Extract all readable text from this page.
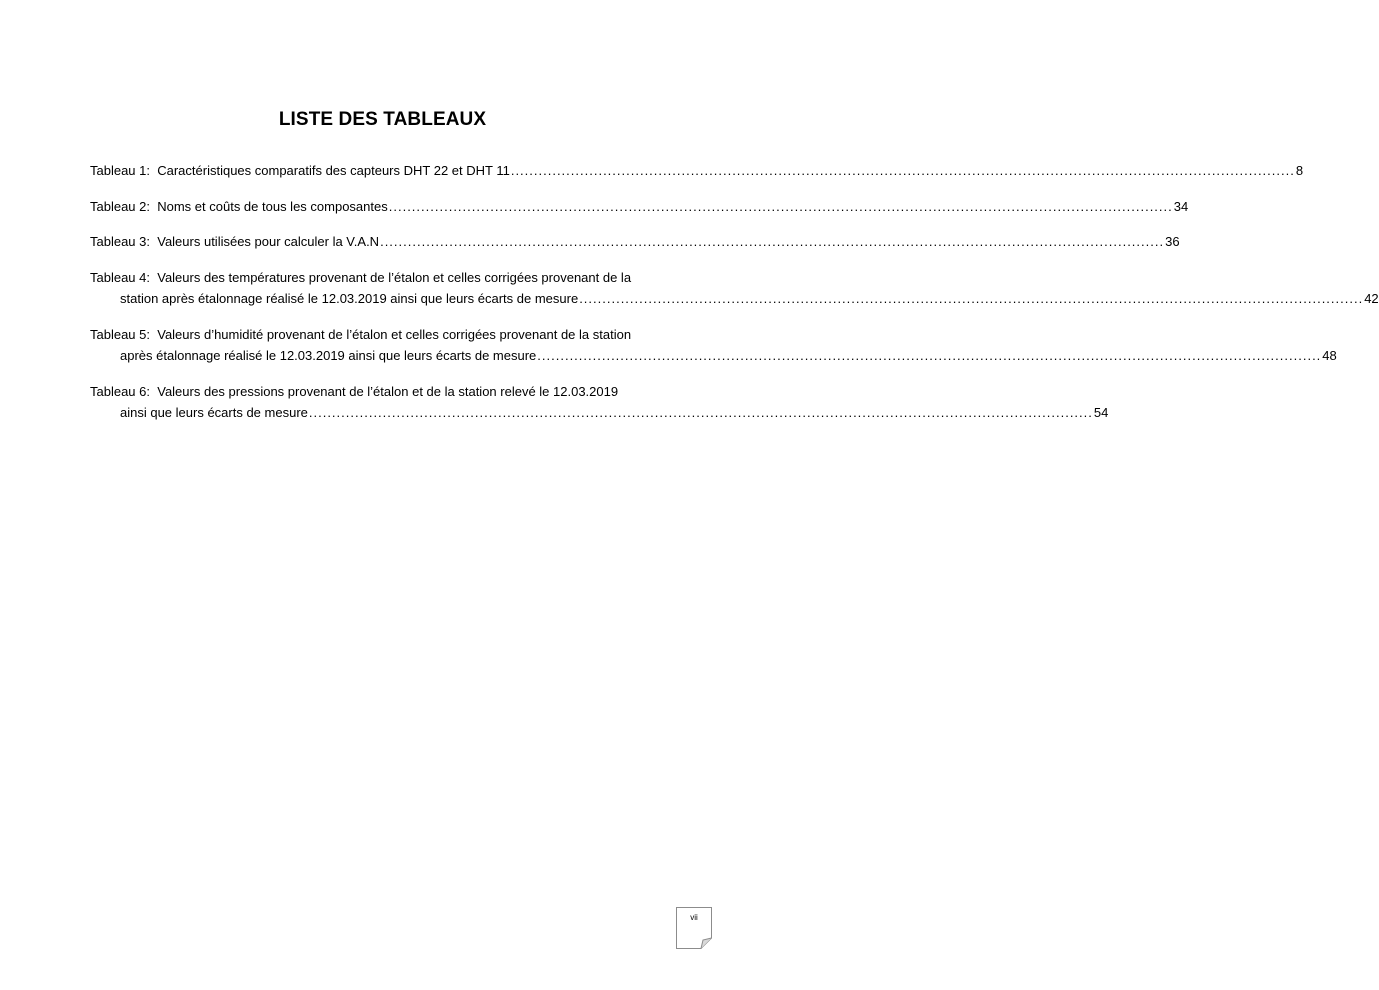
LISTE DES TABLEAUX
Tableau 1:
Caractéristiques comparatifs des capteurs DHT 22 et DHT 11 .......................................................................................................................................................................... 8
Tableau 2:
Noms et coûts de tous les composantes .......................................................................................................................................................................... 34
Tableau 3:
Valeurs utilisées pour calculer la V.A.N .......................................................................................................................................................................... 36
Tableau 4:
Valeurs des températures provenant de l’étalon et celles corrigées provenant de la
station après étalonnage réalisé le 12.03.2019 ainsi que leurs écarts de mesure .......................................................................................................................................................................... 42
Tableau 5:
Valeurs d’humidité provenant de l’étalon et celles corrigées provenant de la station
après étalonnage réalisé le 12.03.2019 ainsi que leurs écarts de mesure .......................................................................................................................................................................... 48
Tableau 6:
Valeurs des pressions provenant de l’étalon et de la station relevé le 12.03.2019
ainsi que leurs écarts de mesure .......................................................................................................................................................................... 54
vii
